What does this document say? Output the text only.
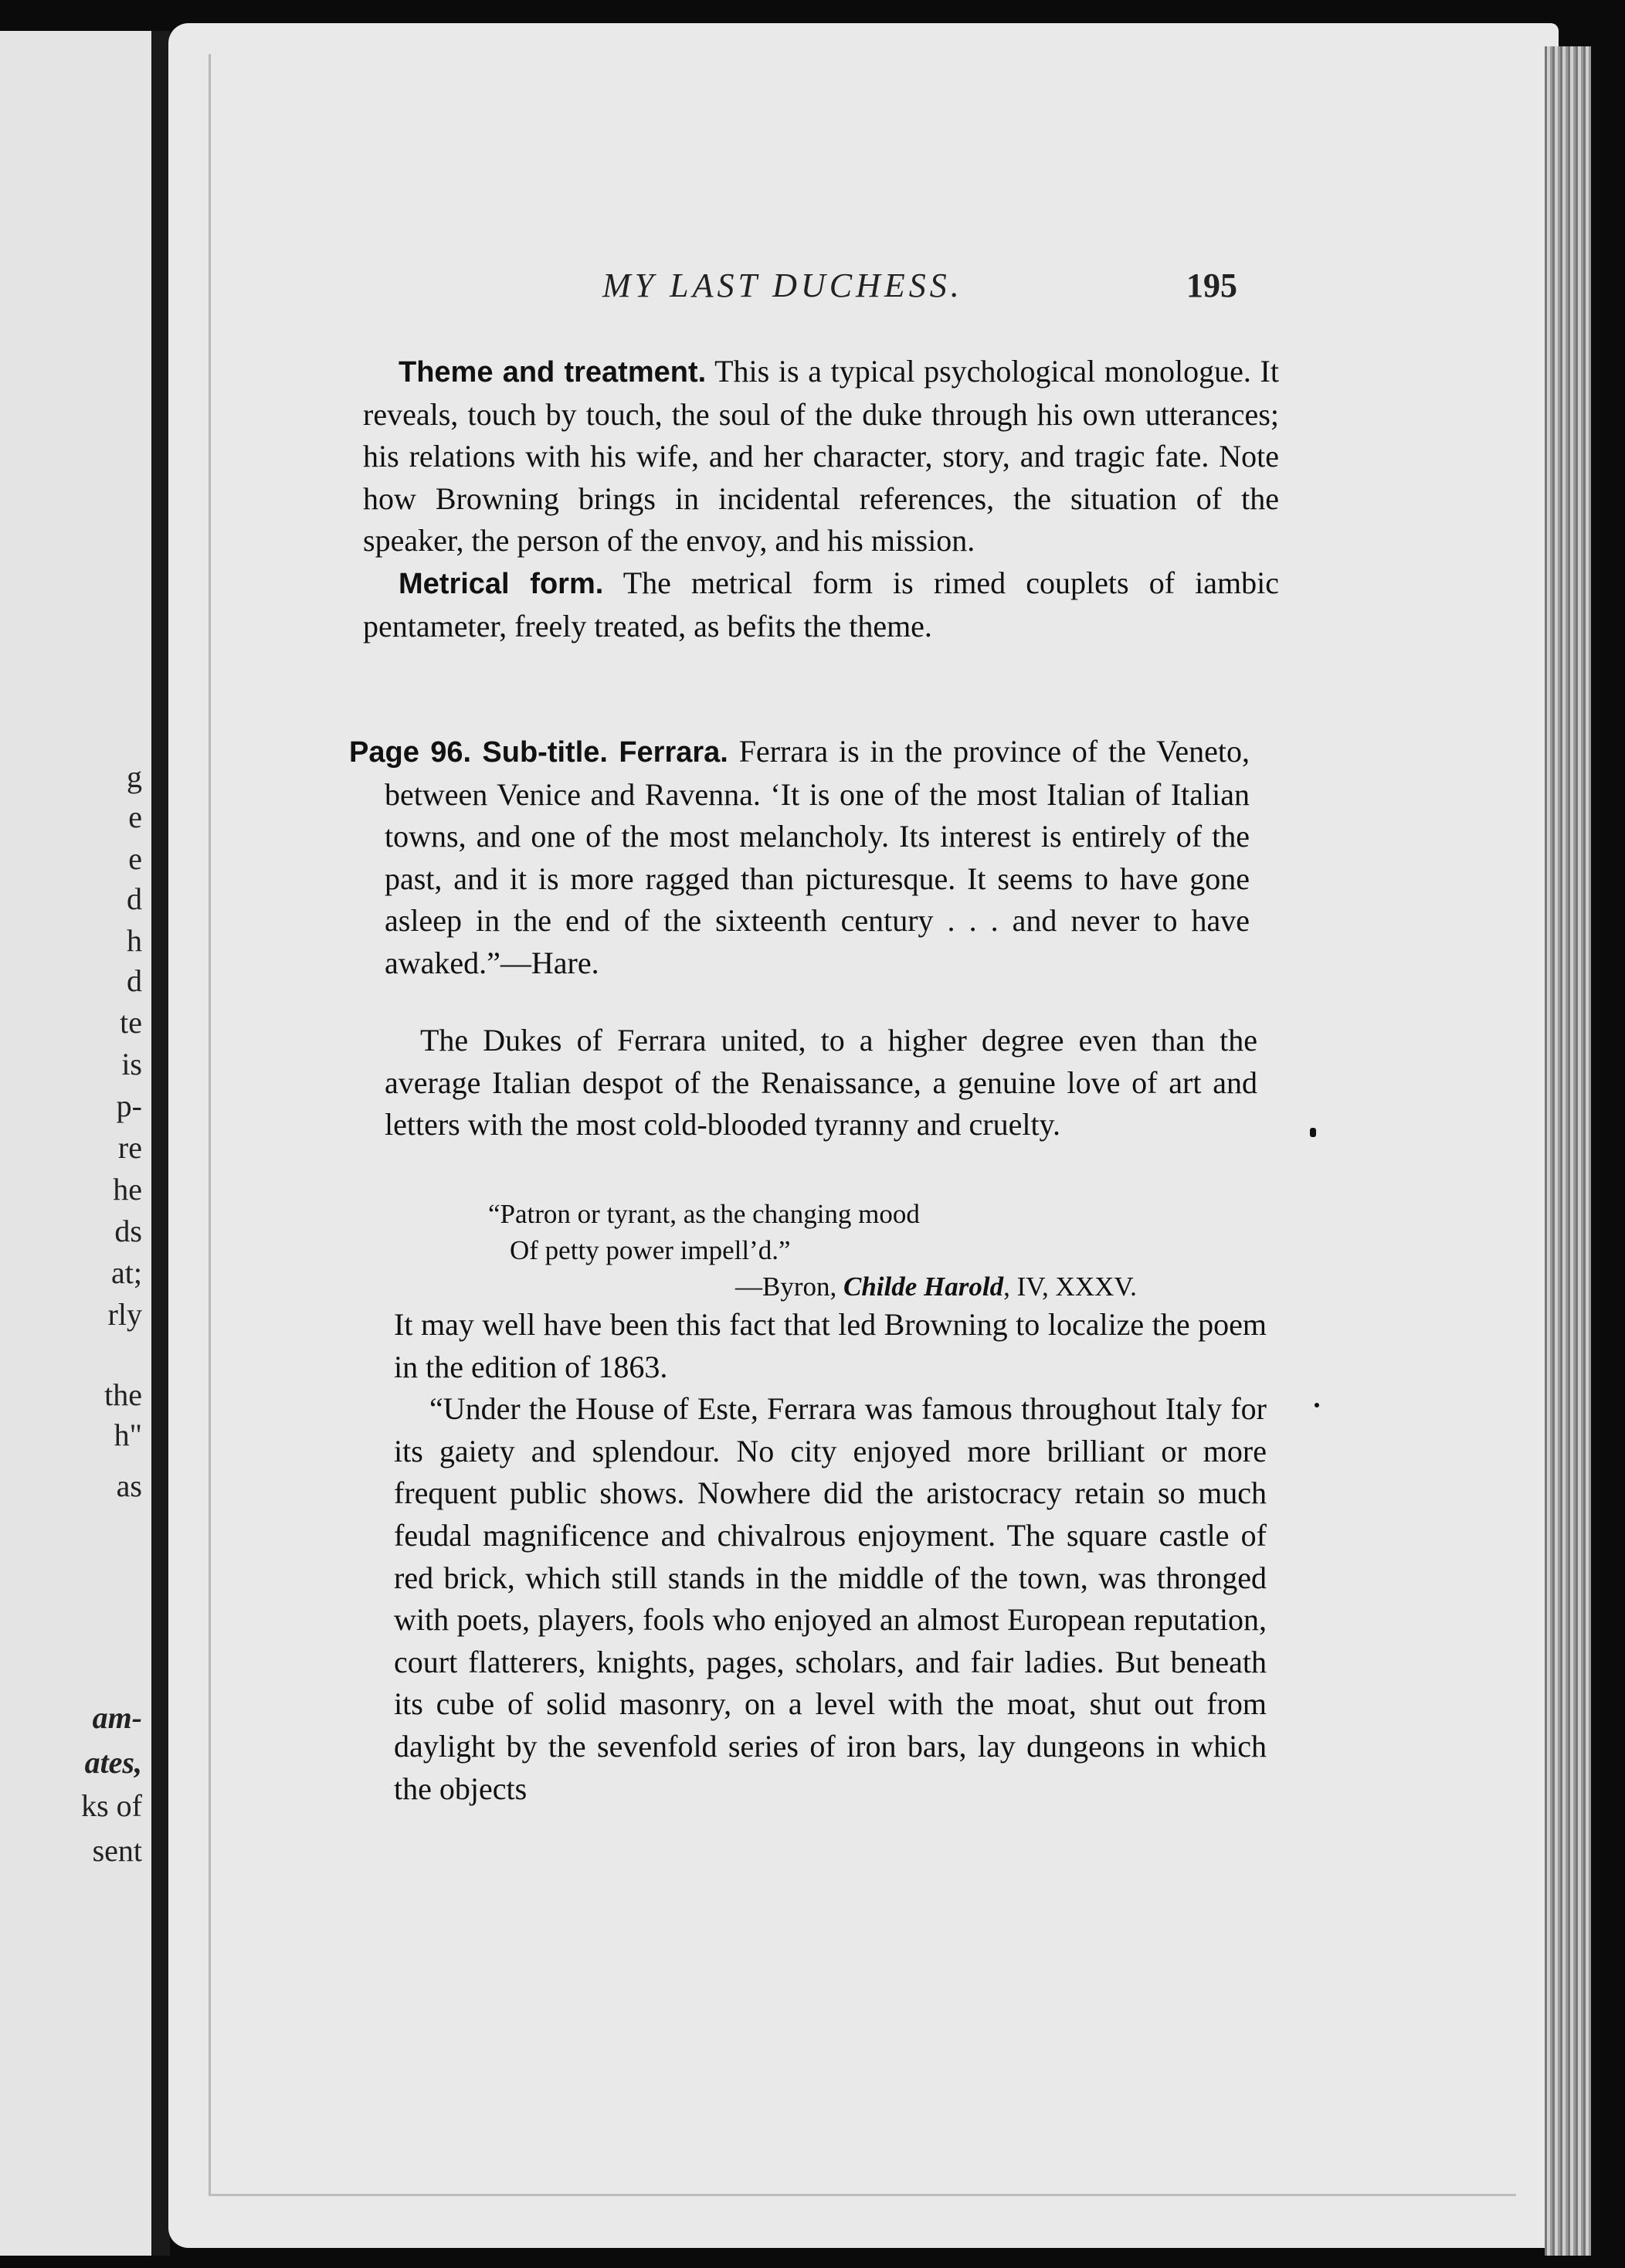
g
e
e
d
h
d
te
is
p-
re
he
ds
at;
rly
the
h"
as
am-
ates,
ks of
sent
MY LAST DUCHESS.	195

Theme and treatment. This is a typical psychological monologue. It reveals, touch by touch, the soul of the duke through his own utterances; his relations with his wife, and her character, story, and tragic fate. Note how Browning brings in incidental references, the situation of the speaker, the person of the envoy, and his mission.

Metrical form. The metrical form is rimed couplets of iambic pentameter, freely treated, as befits the theme.

Page 96. Sub-title. Ferrara. Ferrara is in the province of the Veneto, between Venice and Ravenna. ‘It is one of the most Italian of Italian towns, and one of the most melancholy. Its interest is entirely of the past, and it is more ragged than picturesque. It seems to have gone asleep in the end of the sixteenth century . . . and never to have awaked.”—Hare.

The Dukes of Ferrara united, to a higher degree even than the average Italian despot of the Renaissance, a genuine love of art and letters with the most cold-blooded tyranny and cruelty.

“Patron or tyrant, as the changing mood
Of petty power impell’d.”
—Byron, Childe Harold, IV, XXXV.

It may well have been this fact that led Browning to localize the poem in the edition of 1863.

“Under the House of Este, Ferrara was famous throughout Italy for its gaiety and splendour. No city enjoyed more brilliant or more frequent public shows. Nowhere did the aristocracy retain so much feudal magnificence and chivalrous enjoyment. The square castle of red brick, which still stands in the middle of the town, was thronged with poets, players, fools who enjoyed an almost European reputation, court flatterers, knights, pages, scholars, and fair ladies. But beneath its cube of solid masonry, on a level with the moat, shut out from daylight by the sevenfold series of iron bars, lay dungeons in which the objects
